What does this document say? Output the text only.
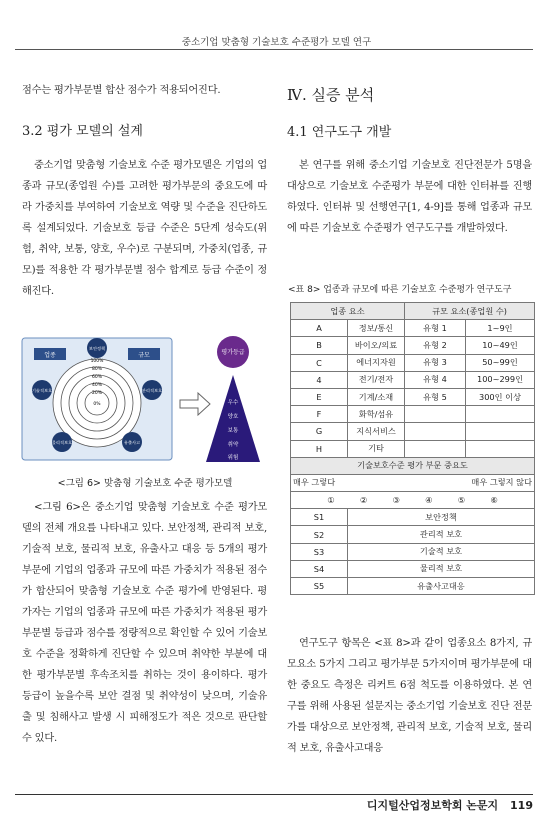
중소기업 맞춤형 기술보호 수준평가 모델 연구
점수는 평가부문별 합산 점수가 적용되어진다.
3.2 평가 모델의 설계
중소기업 맞춤형 기술보호 수준 평가모델은 기업의 업종과 규모(종업원 수)를 고려한 평가부문의 중요도에 따라 가중치를 부여하여 기술보호 역량 및 수준을 진단하도록 설계되었다. 기술보호 등급 수준은 5단계 성숙도(위험, 취약, 보통, 양호, 우수)로 구분되며, 가중치(업종, 규모)를 적용한 각 평가부문별 점수 합계로 등급 수준이 정해진다.
100%
80%
60%
40%
20%
0%
업종	규모
보안정책
기술적보호	관리적보호
물리적보호	유출사고
평가등급
우수
양호
보통
취약
위험
<그림 6> 맞춤형 기술보호 수준 평가모델
<그림 6>은 중소기업 맞춤형 기술보호 수준 평가모델의 전체 개요를 나타내고 있다. 보안정책, 관리적 보호, 기술적 보호, 물리적 보호, 유출사고 대응 등 5개의 평가부문에 기업의 업종과 규모에 따른 가중치가 적용된 점수가 합산되어 맞춤형 기술보호 수준 평가에 반영된다. 평가자는 기업의 업종과 규모에 따른 가중치가 적용된 평가부문별 등급과 점수를 정량적으로 확인할 수 있어 기술보호 수준을 정확하게 진단할 수 있으며 취약한 부분에 대한 평가부문별 후속조치를 취하는 것이 용이하다. 평가 등급이 높을수록 보안 결점 및 취약성이 낮으며, 기술유출 및 침해사고 발생 시 피해정도가 적은 것으로 판단할 수 있다.
Ⅳ. 실증 분석
4.1 연구도구 개발
본 연구를 위해 중소기업 기술보호 진단전문가 5명을 대상으로 기술보호 수준평가 부문에 대한 인터뷰를 진행하였다. 인터뷰 및 선행연구[1, 4-9]를 통해 업종과 규모에 따른 기술보호 수준평가 연구도구를 개발하였다.
<표 8> 업종과 규모에 따른 기술보호 수준평가 연구도구
업종 요소		규모 요소(종업원 수)	
A	정보/통신	유형 1	1~9인
B	바이오/의료	유형 2	10~49인
C	에너지자원	유형 3	50~99인
4	전기/전자	유형 4	100~299인
E	기계/소재	유형 5	300인 이상
F	화학/섬유		
G	지식서비스		
H	기타		
기술보호수준 평가 부문 중요도			
매우 그렇다		매우 그렇지 않다	
① ② ③ ④ ⑤ ⑥			
S1	보안정책		
S2	관리적 보호		
S3	기술적 보호		
S4	물리적 보호		
S5	유출사고대응		
연구도구 항목은 <표 8>과 같이 업종요소 8가지, 규모요소 5가지 그리고 평가부문 5가지이며 평가부문에 대한 중요도 측정은 리커트 6점 척도를 이용하였다. 본 연구를 위해 사용된 설문지는 중소기업 기술보호 진단 전문가를 대상으로 보안정책, 관리적 보호, 기술적 보호, 물리적 보호, 유출사고대응
디지털산업정보학회 논문지 119
